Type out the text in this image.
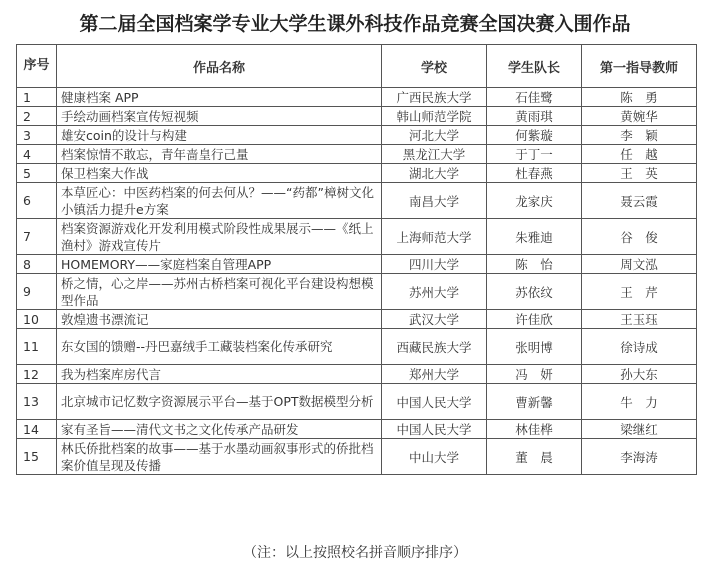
第二届全国档案学专业大学生课外科技作品竞赛全国决赛入围作品
序号	作品名称	学校	学生队长	第一指导教师
1	健康档案 APP	广西民族大学	石佳鹭	陈　勇
2	手绘动画档案宣传短视频	韩山师范学院	黄雨琪	黄婉华
3	雄安coin的设计与构建	河北大学	何紫璇	李　颖
4	档案惊情不敢忘，青年啬皇行己量	黑龙江大学	于丁一	任　越
5	保卫档案大作战	湖北大学	杜春燕	王　英
6	本草匠心：中医药档案的何去何从？——“药都”樟树文化小镇活力提升e方案	南昌大学	龙家庆	聂云霞
7	档案资源游戏化开发利用模式阶段性成果展示——《纸上渔村》游戏宣传片	上海师范大学	朱雅迪	谷　俊
8	HOMEMORY——家庭档案自管理APP	四川大学	陈　怡	周文泓
9	桥之情，心之岸——苏州古桥档案可视化平台建设构想模型作品	苏州大学	苏依纹	王　芹
10	敦煌遗书漂流记	武汉大学	许佳欣	王玉珏
11	东女国的馈赠--丹巴嘉绒手工藏装档案化传承研究	西藏民族大学	张明博	徐诗成
12	我为档案库房代言	郑州大学	冯　妍	孙大东
13	北京城市记忆数字资源展示平台—基于OPT数据模型分析	中国人民大学	曹新馨	牛　力
14	家有圣旨——清代文书之文化传承产品研发	中国人民大学	林佳桦	梁继红
15	林氏侨批档案的故事——基于水墨动画叙事形式的侨批档案价值呈现及传播	中山大学	董　晨	李海涛
（注：以上按照校名拼音顺序排序）
